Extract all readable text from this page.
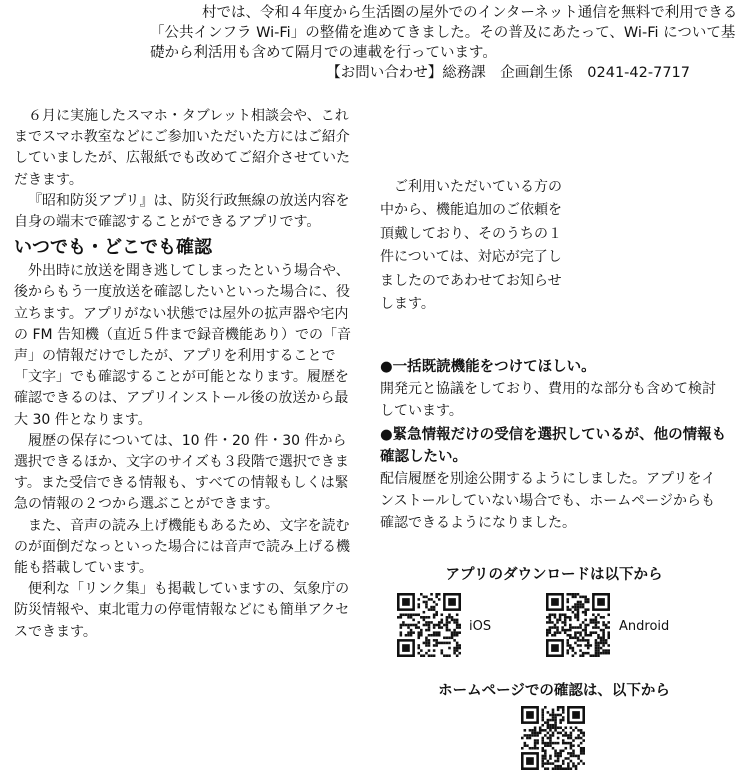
村では、令和４年度から生活圏の屋外でのインターネット通信を無料で利用できる「公共インフラ Wi-Fi」の整備を進めてきました。その普及にあたって、Wi-Fi について基礎から利活用も含めて隔月での連載を行っています。

【お問い合わせ】総務課　企画創生係　0241-42-7717

６月に実施したスマホ・タブレット相談会や、これまでスマホ教室などにご参加いただいた方にはご紹介していましたが、広報紙でも改めてご紹介させていただきます。

『昭和防災アプリ』は、防災行政無線の放送内容を自身の端末で確認することができるアプリです。

いつでも・どこでも確認

外出時に放送を聞き逃してしまったという場合や、後からもう一度放送を確認したいといった場合に、役立ちます。アプリがない状態では屋外の拡声器や宅内の FM 告知機（直近５件まで録音機能あり）での「音声」の情報だけでしたが、アプリを利用することで「文字」でも確認することが可能となります。履歴を確認できるのは、アプリインストール後の放送から最大 30 件となります。

履歴の保存については、10 件・20 件・30 件から選択できるほか、文字のサイズも３段階で選択できます。また受信できる情報も、すべての情報もしくは緊急の情報の２つから選ぶことができます。

また、音声の読み上げ機能もあるため、文字を読むのが面倒だなっといった場合には音声で読み上げる機能も搭載しています。

便利な「リンク集」も掲載していますの、気象庁の防災情報や、東北電力の停電情報などにも簡単アクセスできます。

ご利用いただいている方の中から、機能追加のご依頼を頂戴しており、そのうちの１件については、対応が完了しましたのであわせてお知らせします。

●一括既読機能をつけてほしい。

開発元と協議をしており、費用的な部分も含めて検討しています。

●緊急情報だけの受信を選択しているが、他の情報も確認したい。

配信履歴を別途公開するようにしました。アプリをインストールしていない場合でも、ホームページからも確認できるようになりました。

アプリのダウンロードは以下から
iOS	Android
ホームページでの確認は、以下から
